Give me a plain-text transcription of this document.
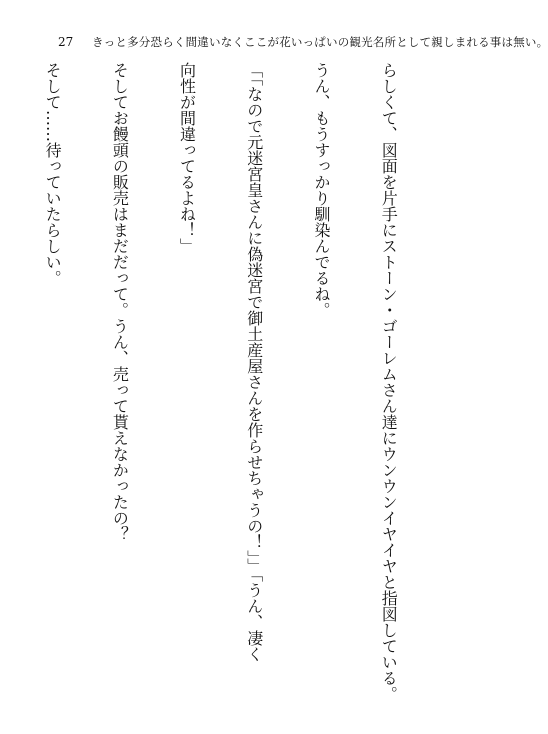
27 きっと多分恐らく間違いなくここが花いっぱいの観光名所として親しまれる事は無い。

らしくて、図面を片手にストーン・ゴーレムさん達にウンウンイヤイヤと指図している。

うん、もうすっかり馴染んでるね。

「「なので元迷宮皇さんに偽迷宮で御土産屋さんを作らせちゃうの！」」「うん、凄く

向性が間違ってるよね！」

そしてお饅頭の販売はまだだって。うん、売って貰えなかったの？

そして……待っていたらしい。
